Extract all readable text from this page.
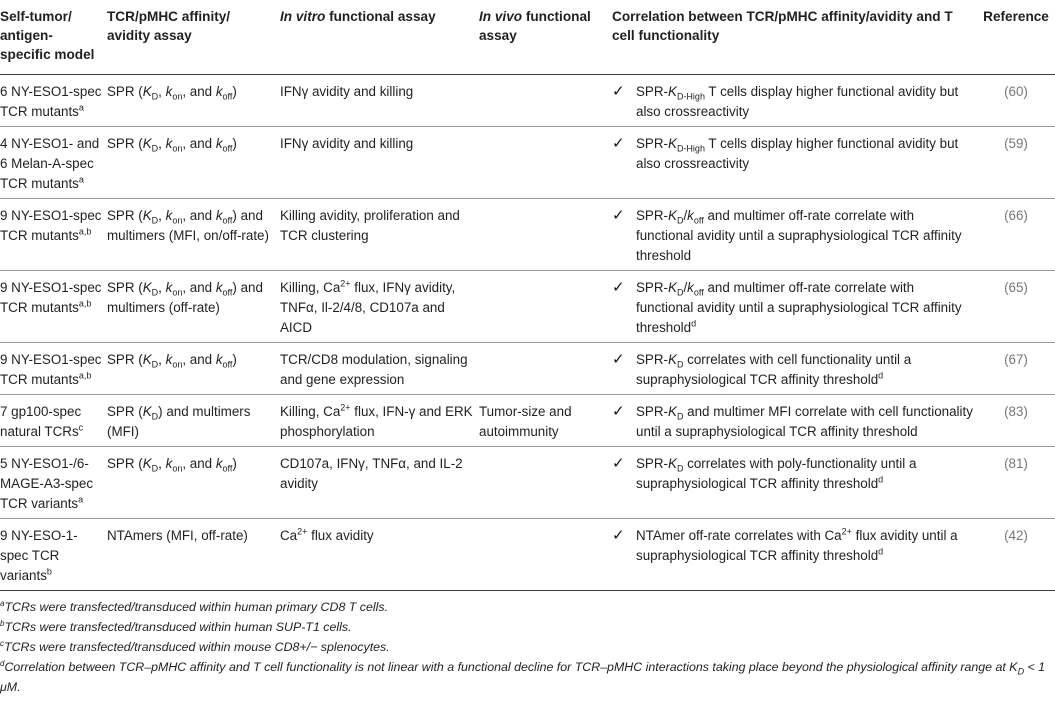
Self-tumor/ antigen-specific model	TCR/pMHC affinity/ avidity assay	In vitro functional assay	In vivo functional assay	Correlation between TCR/pMHC affinity/avidity and T cell functionality	Reference
6 NY-ESO1-spec TCR mutants$^a$	SPR ($K_D$, $k_{on}$, and $k_{off}$)	IFNγ avidity and killing		✓ SPR-$K_{D-High}$ T cells display higher functional avidity but also crossreactivity	(60)
4 NY-ESO1- and 6 Melan-A-spec TCR mutants$^a$	SPR ($K_D$, $k_{on}$, and $k_{off}$)	IFNγ avidity and killing		✓ SPR-$K_{D-High}$ T cells display higher functional avidity but also crossreactivity	(59)
9 NY-ESO1-spec TCR mutants$^{a,b}$	SPR ($K_D$, $k_{on}$, and $k_{off}$) and multimers (MFI, on/off-rate)	Killing avidity, proliferation and TCR clustering		✓ SPR-$K_D/k_{off}$ and multimer off-rate correlate with functional avidity until a supraphysiological TCR affinity threshold	(66)
9 NY-ESO1-spec TCR mutants$^{a,b}$	SPR ($K_D$, $k_{on}$, and $k_{off}$) and multimers (off-rate)	Killing, $Ca^{2+}$ flux, IFNγ avidity, TNFα, Il-2/4/8, CD107a and AICD		✓ SPR-$K_D/k_{off}$ and multimer off-rate correlate with functional avidity until a supraphysiological TCR affinity threshold$^d$	(65)
9 NY-ESO1-spec TCR mutants$^{a,b}$	SPR ($K_D$, $k_{on}$, and $k_{off}$)	TCR/CD8 modulation, signaling and gene expression		✓ SPR-$K_D$ correlates with cell functionality until a supraphysiological TCR affinity threshold$^d$	(67)
7 gp100-spec natural TCRs$^c$	SPR $(K_D)$ and multimers (MFI)	Killing, $Ca^{2+}$ flux, IFN-γ and ERK phosphorylation	Tumor-size and autoimmunity	✓ SPR-$K_D$ and multimer MFI correlate with cell functionality until a supraphysiological TCR affinity threshold	(83)
5 NY-ESO1-/6-MAGE-A3-spec TCR variants$^a$	SPR ($K_D$, $k_{on}$, and $k_{off}$)	CD107a, IFNγ, TNFα, and IL-2 avidity		✓ SPR-$K_D$ correlates with poly-functionality until a supraphysiological TCR affinity threshold$^d$	(81)
9 NY-ESO-1-spec TCR variants$^b$	NTAmers (MFI, off-rate)	$Ca^{2+}$ flux avidity		✓ NTAmer off-rate correlates with $Ca^{2+}$ flux avidity until a supraphysiological TCR affinity threshold$^d$	(42)

$^a$TCRs were transfected/transduced within human primary CD8 T cells.

$^b$TCRs were transfected/transduced within human SUP-T1 cells.

$^c$TCRs were transfected/transduced within mouse CD8+/− splenocytes.

$^d$Correlation between TCR–pMHC affinity and T cell functionality is not linear with a functional decline for TCR–pMHC interactions taking place beyond the physiological affinity range at $K_D < 1$ μM.
